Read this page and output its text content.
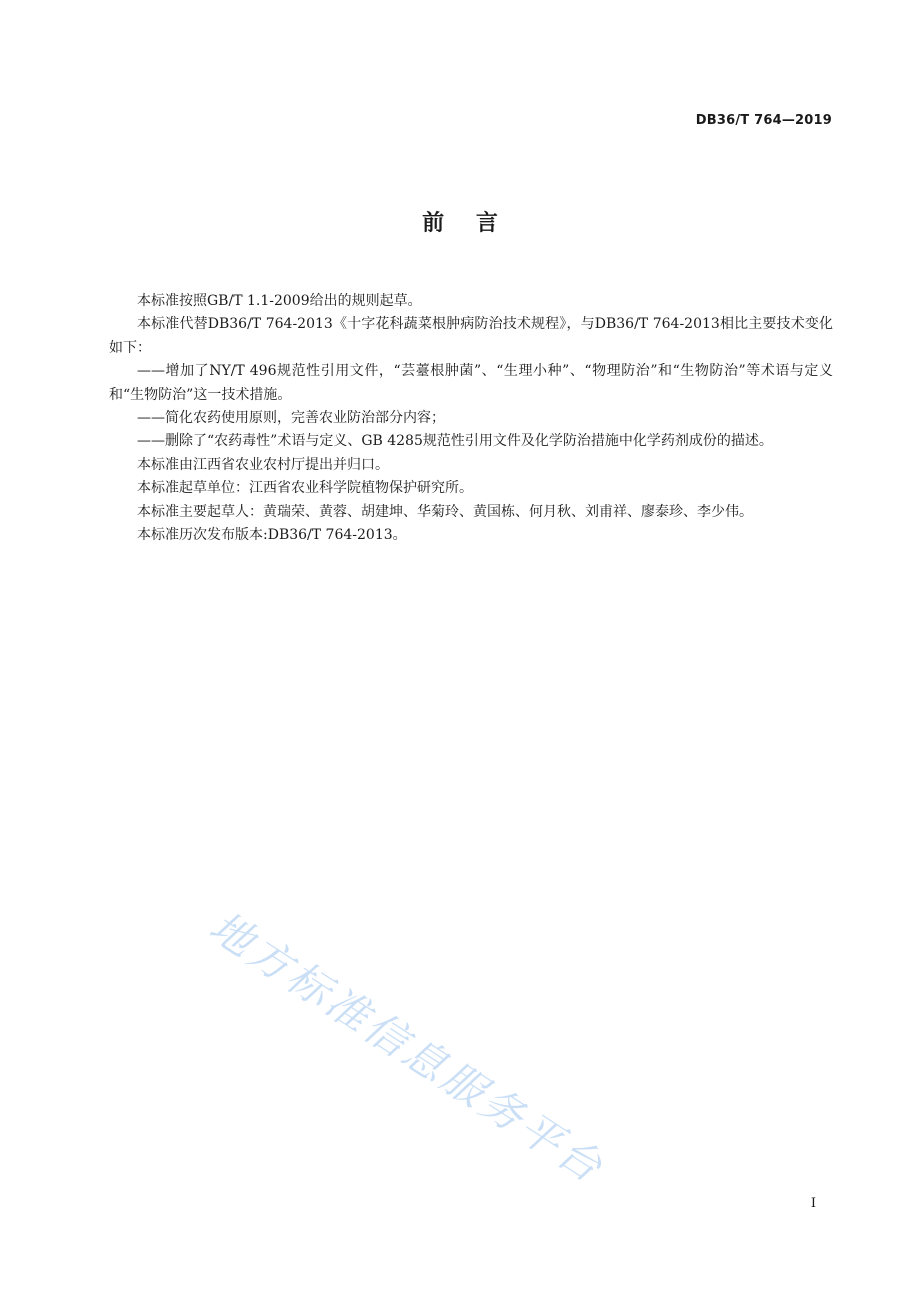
DB36/T 764—2019
前 言

本标准按照GB/T 1.1-2009给出的规则起草。

本标准代替DB36/T 764-2013《十字花科蔬菜根肿病防治技术规程》，与DB36/T 764-2013相比主要技术变化如下：

——增加了NY/T 496规范性引用文件，“芸薹根肿菌”、“生理小种”、“物理防治”和“生物防治”等术语与定义和“生物防治”这一技术措施。

——简化农药使用原则，完善农业防治部分内容；

——删除了“农药毒性”术语与定义、GB 4285规范性引用文件及化学防治措施中化学药剂成份的描述。

本标准由江西省农业农村厅提出并归口。

本标准起草单位：江西省农业科学院植物保护研究所。

本标准主要起草人：黄瑞荣、黄蓉、胡建坤、华菊玲、黄国栋、何月秋、刘甫祥、廖泰珍、李少伟。

本标准历次发布版本:DB36/T 764-2013。

地方标准信息服务平台
I
